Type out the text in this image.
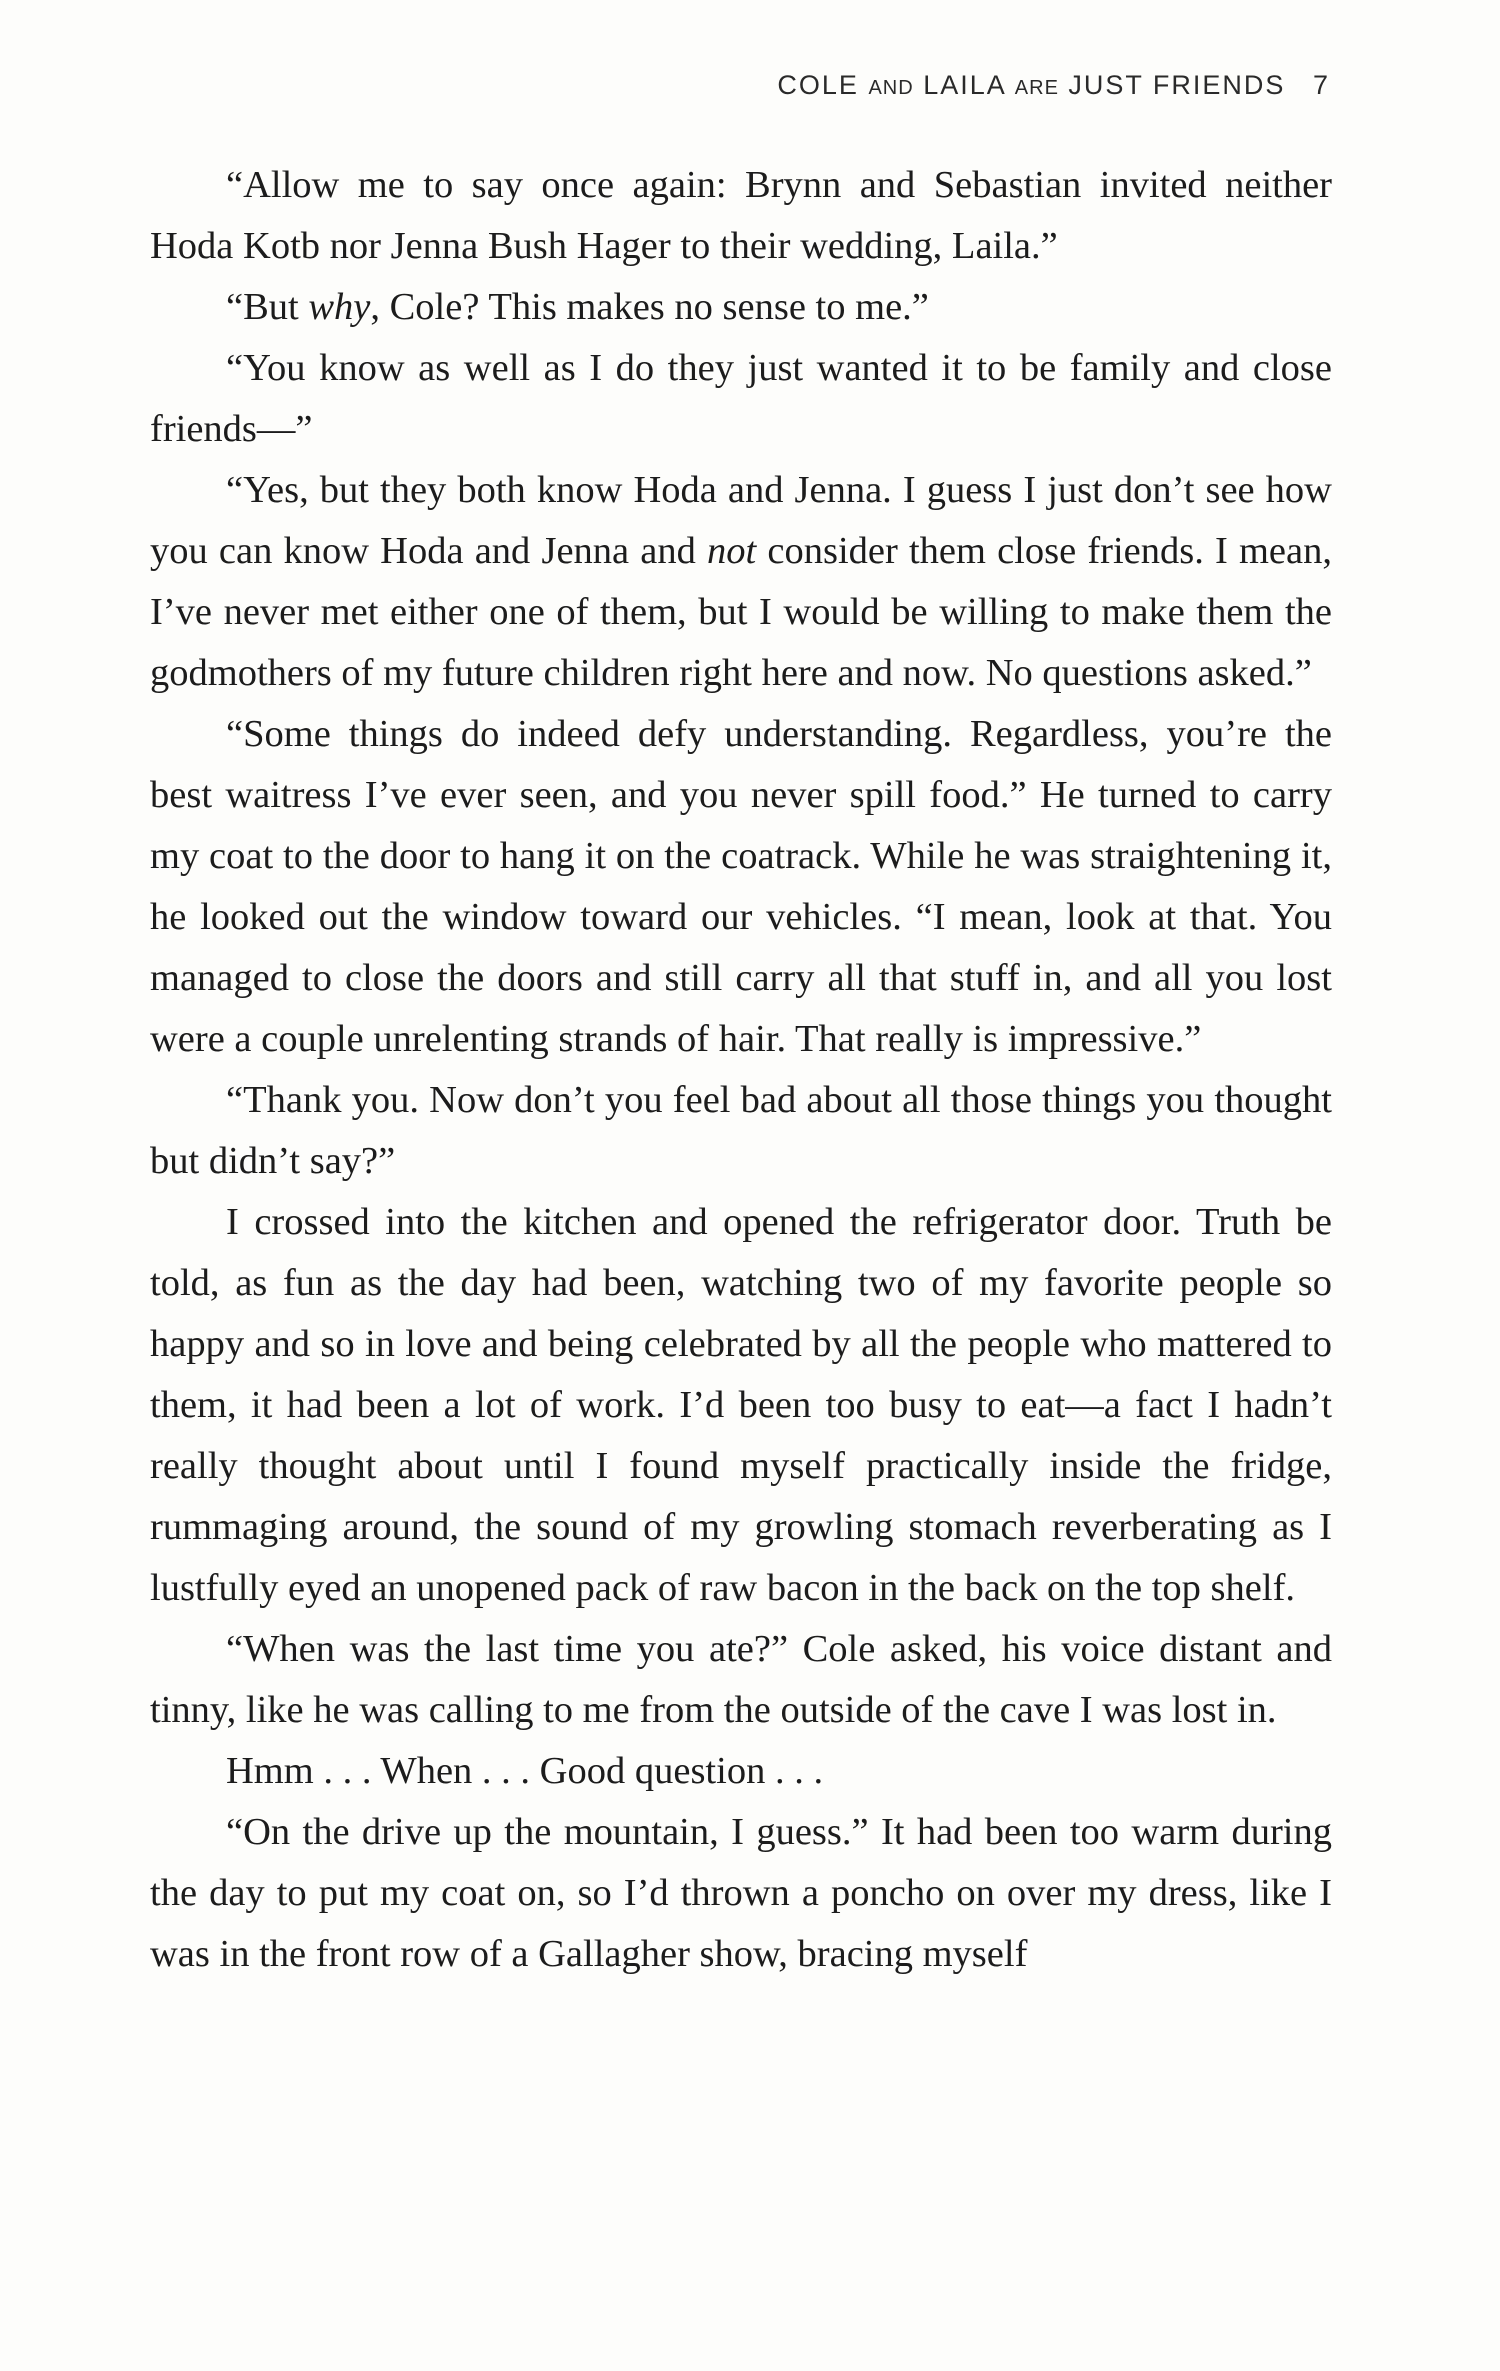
COLE AND LAILA ARE JUST FRIENDS 7

“Allow me to say once again: Brynn and Sebastian invited neither Hoda Kotb nor Jenna Bush Hager to their wedding, Laila.”

“But why, Cole? This makes no sense to me.”

“You know as well as I do they just wanted it to be family and close friends—”

“Yes, but they both know Hoda and Jenna. I guess I just don’t see how you can know Hoda and Jenna and not consider them close friends. I mean, I’ve never met either one of them, but I would be willing to make them the godmothers of my future children right here and now. No questions asked.”

“Some things do indeed defy understanding. Regardless, you’re the best waitress I’ve ever seen, and you never spill food.” He turned to carry my coat to the door to hang it on the coatrack. While he was straightening it, he looked out the window toward our vehicles. “I mean, look at that. You managed to close the doors and still carry all that stuff in, and all you lost were a couple unrelenting strands of hair. That really is impressive.”

“Thank you. Now don’t you feel bad about all those things you thought but didn’t say?”

I crossed into the kitchen and opened the refrigerator door. Truth be told, as fun as the day had been, watching two of my favorite people so happy and so in love and being celebrated by all the people who mattered to them, it had been a lot of work. I’d been too busy to eat—a fact I hadn’t really thought about until I found myself practically inside the fridge, rummaging around, the sound of my growling stomach reverberating as I lustfully eyed an unopened pack of raw bacon in the back on the top shelf.

“When was the last time you ate?” Cole asked, his voice distant and tinny, like he was calling to me from the outside of the cave I was lost in.

Hmm . . . When . . . Good question . . .

“On the drive up the mountain, I guess.” It had been too warm during the day to put my coat on, so I’d thrown a poncho on over my dress, like I was in the front row of a Gallagher show, bracing myself
